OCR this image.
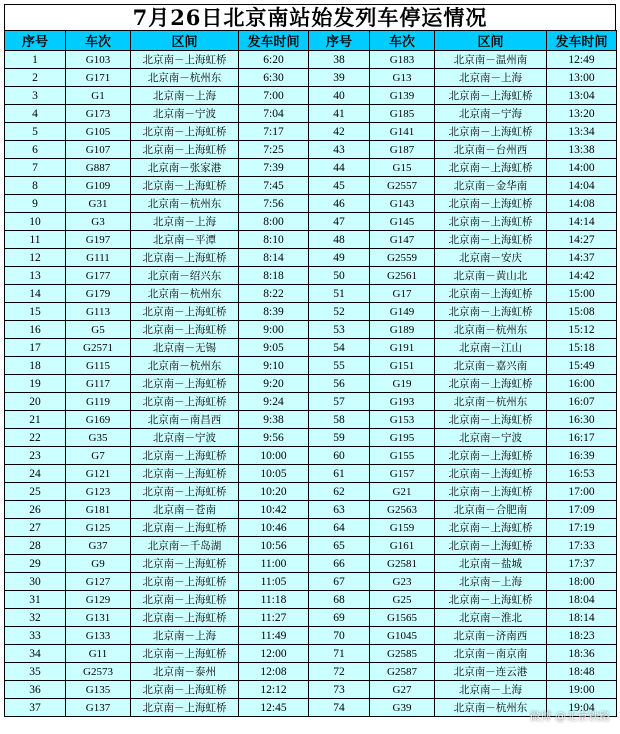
7月26日北京南站始发列车停运情况
序号	车次	区间	发车时间	序号	车次	区间	发车时间
1	G103	北京南－上海虹桥	6:20	38	G183	北京南－温州南	12:49
2	G171	北京南－杭州东	6:30	39	G13	北京南－上海	13:00
3	G1	北京南－上海	7:00	40	G139	北京南－上海虹桥	13:04
4	G173	北京南－宁波	7:04	41	G185	北京南－宁海	13:20
5	G105	北京南－上海虹桥	7:17	42	G141	北京南－上海虹桥	13:34
6	G107	北京南－上海虹桥	7:25	43	G187	北京南－台州西	13:38
7	G887	北京南－张家港	7:39	44	G15	北京南－上海虹桥	14:00
8	G109	北京南－上海虹桥	7:45	45	G2557	北京南－金华南	14:04
9	G31	北京南－杭州东	7:56	46	G143	北京南－上海虹桥	14:08
10	G3	北京南－上海	8:00	47	G145	北京南－上海虹桥	14:14
11	G197	北京南－平潭	8:10	48	G147	北京南－上海虹桥	14:27
12	G111	北京南－上海虹桥	8:14	49	G2559	北京南－安庆	14:37
13	G177	北京南－绍兴东	8:18	50	G2561	北京南－黄山北	14:42
14	G179	北京南－杭州东	8:22	51	G17	北京南－上海虹桥	15:00
15	G113	北京南－上海虹桥	8:39	52	G149	北京南－上海虹桥	15:08
16	G5	北京南－上海虹桥	9:00	53	G189	北京南－杭州东	15:12
17	G2571	北京南－无锡	9:05	54	G191	北京南－江山	15:18
18	G115	北京南－杭州东	9:10	55	G151	北京南－嘉兴南	15:49
19	G117	北京南－上海虹桥	9:20	56	G19	北京南－上海虹桥	16:00
20	G119	北京南－上海虹桥	9:24	57	G193	北京南－杭州东	16:07
21	G169	北京南－南昌西	9:38	58	G153	北京南－上海虹桥	16:30
22	G35	北京南－宁波	9:56	59	G195	北京南－宁波	16:17
23	G7	北京南－上海虹桥	10:00	60	G155	北京南－上海虹桥	16:39
24	G121	北京南－上海虹桥	10:05	61	G157	北京南－上海虹桥	16:53
25	G123	北京南－上海虹桥	10:20	62	G21	北京南－上海虹桥	17:00
26	G181	北京南－苍南	10:42	63	G2563	北京南－合肥南	17:09
27	G125	北京南－上海虹桥	10:46	64	G159	北京南－上海虹桥	17:19
28	G37	北京南－千岛湖	10:56	65	G161	北京南－上海虹桥	17:33
29	G9	北京南－上海虹桥	11:00	66	G2581	北京南－盐城	17:37
30	G127	北京南－上海虹桥	11:05	67	G23	北京南－上海	18:00
31	G129	北京南－上海虹桥	11:18	68	G25	北京南－上海虹桥	18:04
32	G131	北京南－上海虹桥	11:27	69	G1565	北京南－淮北	18:14
33	G133	北京南－上海	11:49	70	G1045	北京南－济南西	18:23
34	G11	北京南－上海虹桥	12:00	71	G2585	北京南－南京南	18:36
35	G2573	北京南－泰州	12:08	72	G2587	北京南－连云港	18:48
36	G135	北京南－上海虹桥	12:12	73	G27	北京南－上海	19:00
37	G137	北京南－上海虹桥	12:45	74	G39	北京南－杭州东	19:04
微博 @北京铁路
